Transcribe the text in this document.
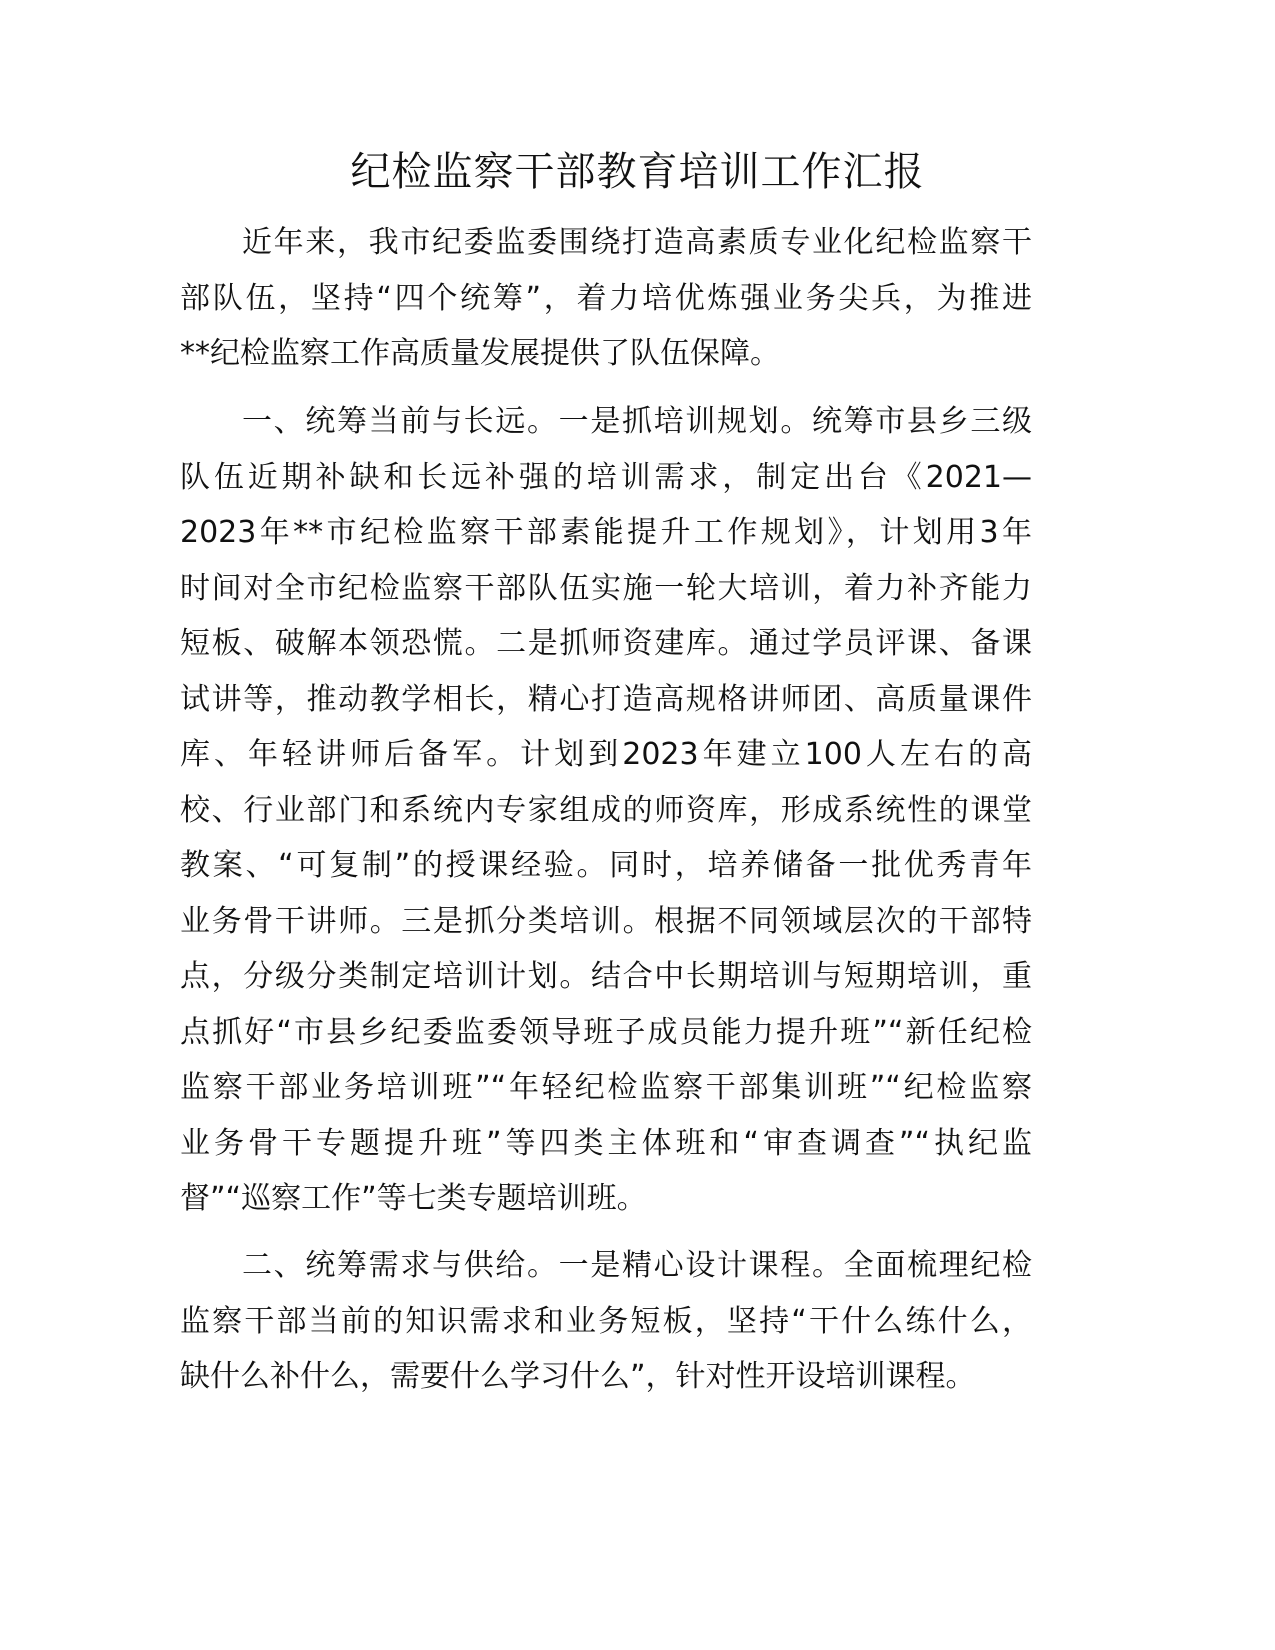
纪检监察干部教育培训工作汇报
近年来，我市纪委监委围绕打造高素质专业化纪检监察干
部队伍，坚持“四个统筹”，着力培优炼强业务尖兵，为推进
**纪检监察工作高质量发展提供了队伍保障。
一、统筹当前与长远。一是抓培训规划。统筹市县乡三级
队伍近期补缺和长远补强的培训需求，制定出台《2021—
2023年**市纪检监察干部素能提升工作规划》，计划用3年
时间对全市纪检监察干部队伍实施一轮大培训，着力补齐能力
短板、破解本领恐慌。二是抓师资建库。通过学员评课、备课
试讲等，推动教学相长，精心打造高规格讲师团、高质量课件
库、年轻讲师后备军。计划到2023年建立100人左右的高
校、行业部门和系统内专家组成的师资库，形成系统性的课堂
教案、“可复制”的授课经验。同时，培养储备一批优秀青年
业务骨干讲师。三是抓分类培训。根据不同领域层次的干部特
点，分级分类制定培训计划。结合中长期培训与短期培训，重
点抓好“市县乡纪委监委领导班子成员能力提升班”“新任纪检
监察干部业务培训班”“年轻纪检监察干部集训班”“纪检监察
业务骨干专题提升班”等四类主体班和“审查调查”“执纪监
督”“巡察工作”等七类专题培训班。
二、统筹需求与供给。一是精心设计课程。全面梳理纪检
监察干部当前的知识需求和业务短板，坚持“干什么练什么，
缺什么补什么，需要什么学习什么”，针对性开设培训课程。
